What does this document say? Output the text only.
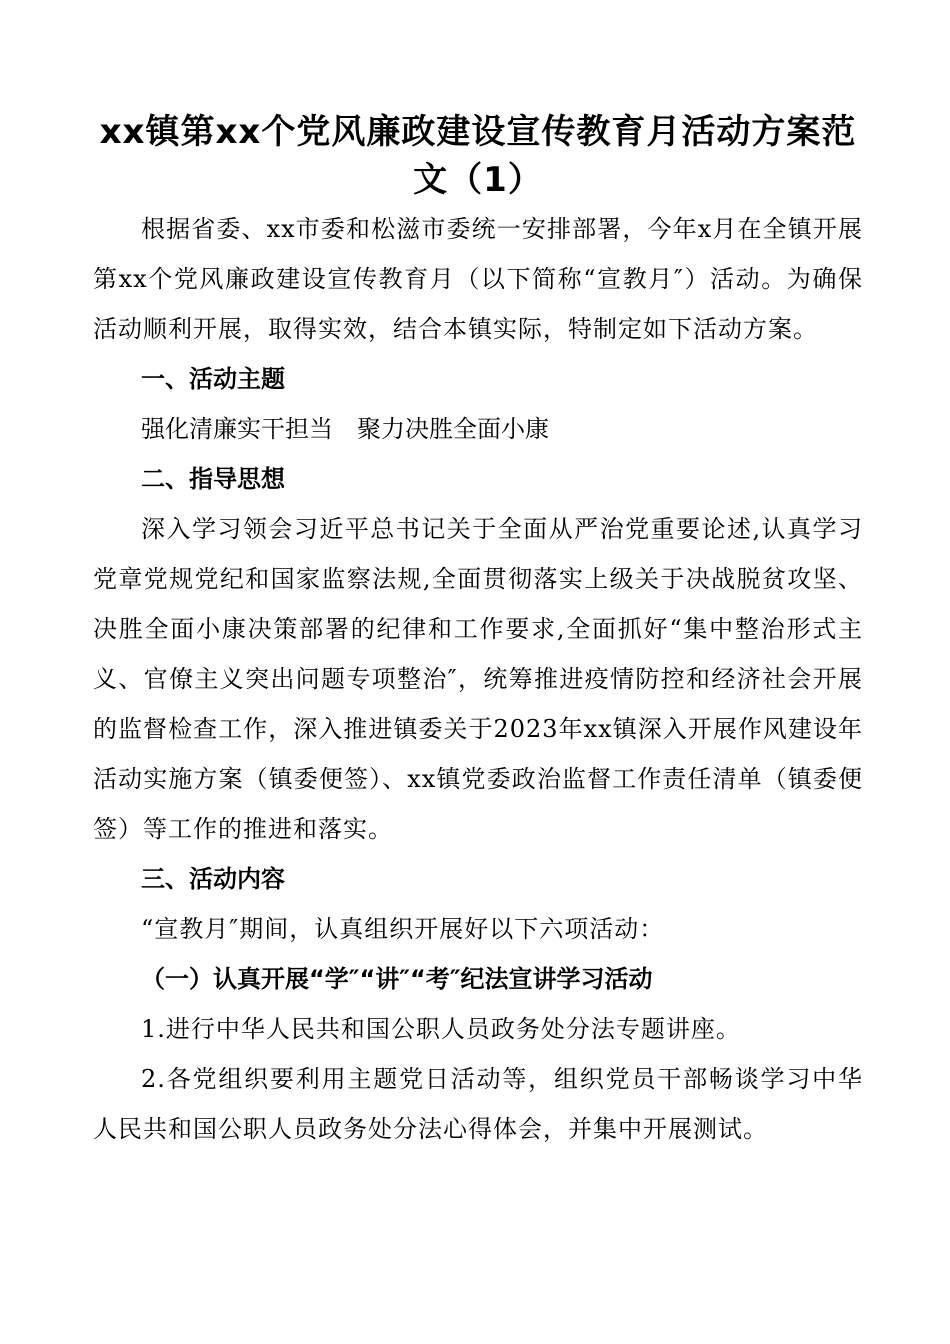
xx镇第xx个党风廉政建设宣传教育月活动方案范文（1）

根据省委、xx市委和松滋市委统一安排部署，今年x月在全镇开展第xx个党风廉政建设宣传教育月（以下简称“宣教月″）活动。为确保活动顺利开展，取得实效，结合本镇实际，特制定如下活动方案。

一、活动主题
强化清廉实干担当　聚力决胜全面小康
二、指导思想

深入学习领会习近平总书记关于全面从严治党重要论述,认真学习党章党规党纪和国家监察法规,全面贯彻落实上级关于决战脱贫攻坚、决胜全面小康决策部署的纪律和工作要求,全面抓好“集中整治形式主义、官僚主义突出问题专项整治″，统筹推进疫情防控和经济社会开展的监督检查工作，深入推进镇委关于2023年xx镇深入开展作风建设年活动实施方案（镇委便签）、xx镇党委政治监督工作责任清单（镇委便签）等工作的推进和落实。

三、活动内容

“宣教月″期间，认真组织开展好以下六项活动：

（一）认真开展“学″“讲″“考″纪法宣讲学习活动

1.进行中华人民共和国公职人员政务处分法专题讲座。

2.各党组织要利用主题党日活动等，组织党员干部畅谈学习中华人民共和国公职人员政务处分法心得体会，并集中开展测试。
